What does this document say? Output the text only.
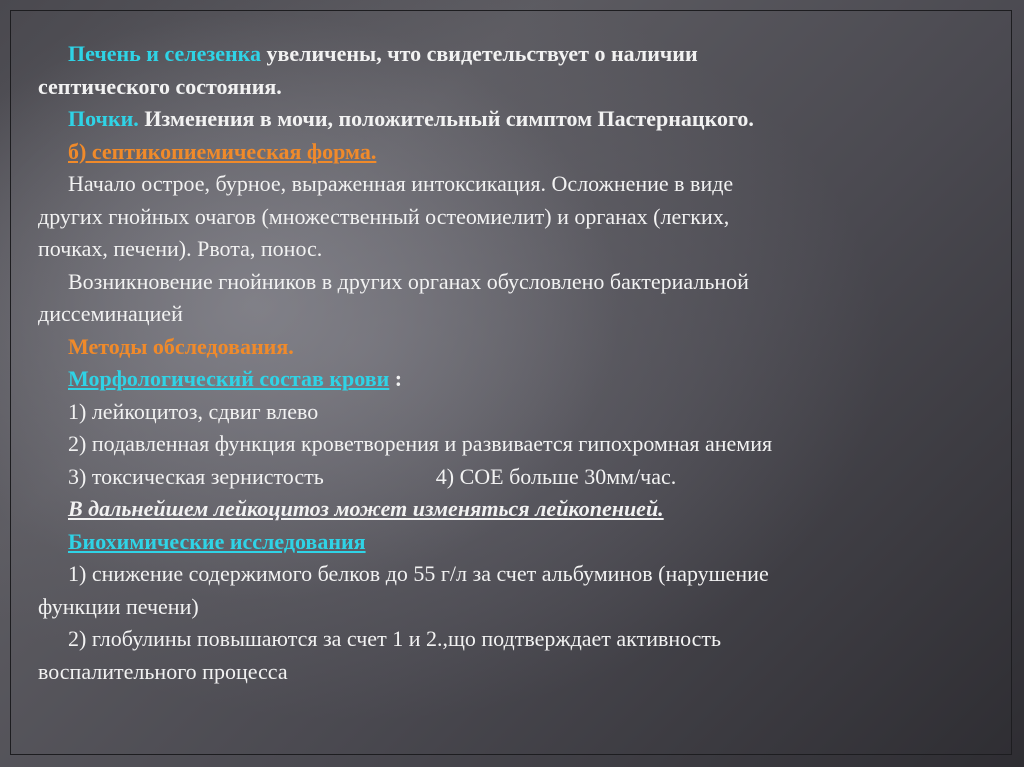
Печень и селезенка увеличены, что свидетельствует о наличии

септического состояния.

Почки. Изменения в мочи, положительный симптом Пастернацкого.

б) септикопиемическая форма.

Начало острое, бурное, выраженная интоксикация. Осложнение в виде

других гнойных очагов (множественный остеомиелит) и органах (легких,

почках, печени). Рвота, понос.

Возникновение гнойников в других органах обусловлено бактериальной

диссеминацией

Методы обследования.

Морфологический состав крови :

1) лейкоцитоз, сдвиг влево

2) подавленная функция кроветворения и развивается гипохромная анемия

3) токсическая зернистость	4) СОЕ больше 30мм/час.

В дальнейшем лейкоцитоз может изменяться лейкопенией.

Биохимические исследования

1) снижение содержимого белков до 55 г/л за счет альбуминов (нарушение

функции печени)

2) глобулины повышаются за счет 1 и 2.,що подтверждает активность

воспалительного процесса
